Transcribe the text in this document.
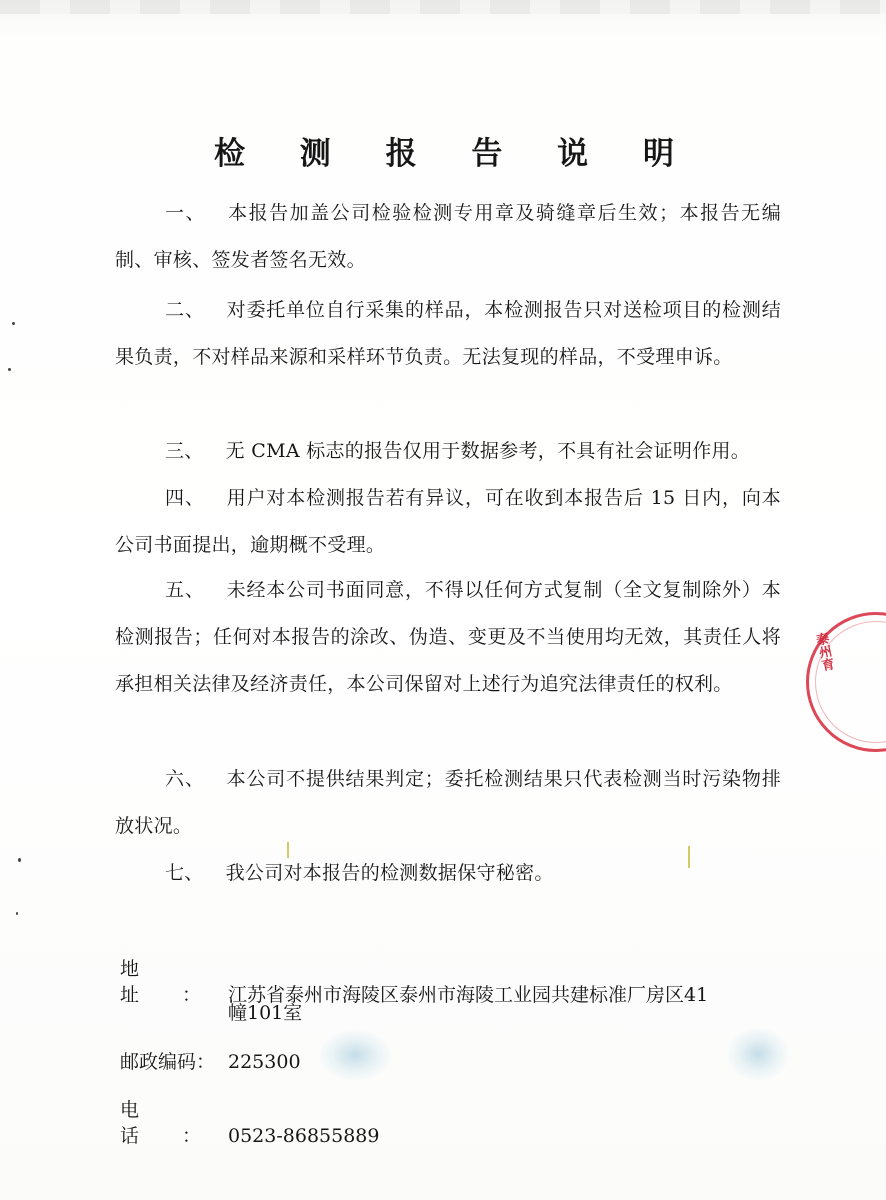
检 测 报 告 说 明

一、 本报告加盖公司检验检测专用章及骑缝章后生效；本报告无编制、审核、签发者签名无效。

二、 对委托单位自行采集的样品，本检测报告只对送检项目的检测结果负责，不对样品来源和采样环节负责。无法复现的样品，不受理申诉。

三、 无 CMA 标志的报告仅用于数据参考，不具有社会证明作用。

四、 用户对本检测报告若有异议，可在收到本报告后 15 日内，向本公司书面提出，逾期概不受理。

五、 未经本公司书面同意，不得以任何方式复制（全文复制除外）本检测报告；任何对本报告的涂改、伪造、变更及不当使用均无效，其责任人将承担相关法律及经济责任，本公司保留对上述行为追究法律责任的权利。

六、 本公司不提供结果判定；委托检测结果只代表检测当时污染物排放状况。

七、 我公司对本报告的检测数据保守秘密。

地址：江苏省泰州市海陵区泰州市海陵工业园共建标准厂房区41
幢101室
邮政编码： 225300
电话：0523-86855889
泰州育
